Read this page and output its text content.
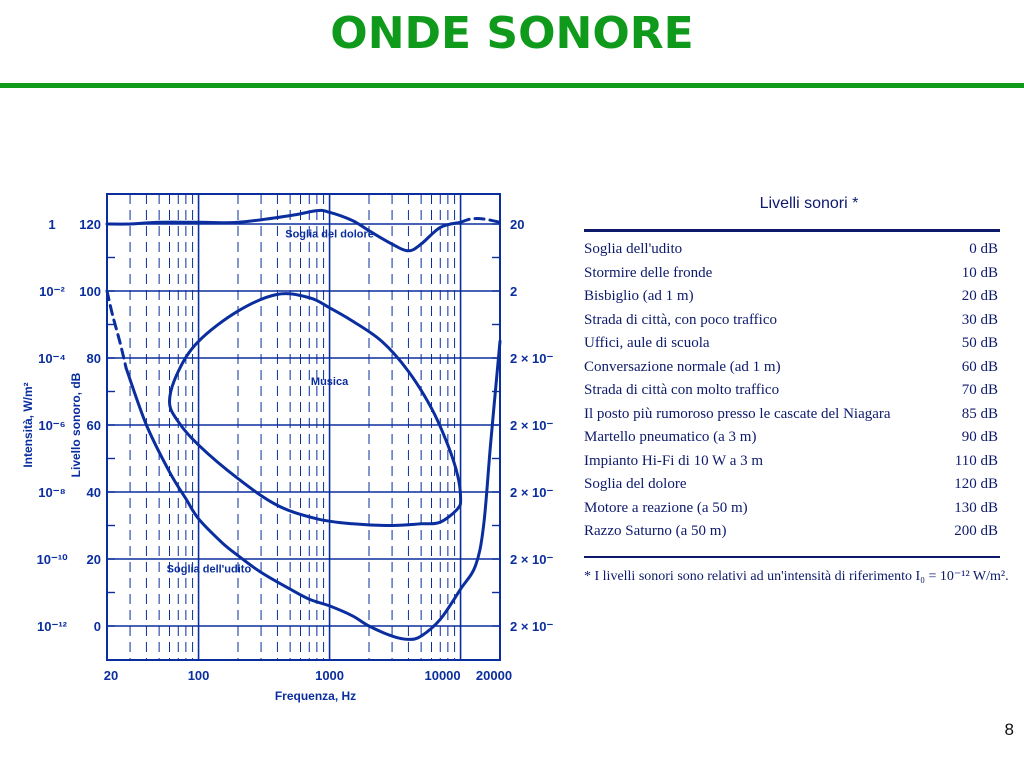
ONDE SONORE
0
20
40
60
80
100
120
10⁻¹²
10⁻¹⁰
10⁻⁸
10⁻⁶
10⁻⁴
10⁻²
1
2 × 10⁻
2 × 10⁻
2 × 10⁻
2 × 10⁻
2 × 10⁻
2
20
20	100	1000	10000 20000
Frequenza, Hz
Livello sonoro, dB
Intensità, W/m²
Soglia del dolore
Musica
Soglia dell'udito
Livelli sonori *
Soglia dell'udito	0 dB
Stormire delle fronde	10 dB
Bisbiglio (ad 1 m)	20 dB
Strada di città, con poco traffico	30 dB
Uffici, aule di scuola	50 dB
Conversazione normale (ad 1 m)	60 dB
Strada di città con molto traffico	70 dB
Il posto più rumoroso presso le cascate del Niagara	85 dB
Martello pneumatico (a 3 m)	90 dB
Impianto Hi-Fi di 10 W a 3 m	110 dB
Soglia del dolore	120 dB
Motore a reazione (a 50 m)	130 dB
Razzo Saturno (a 50 m)	200 dB
* I livelli sonori sono relativi ad un'intensità di riferimento I₀ = 10⁻¹² W/m².
8
